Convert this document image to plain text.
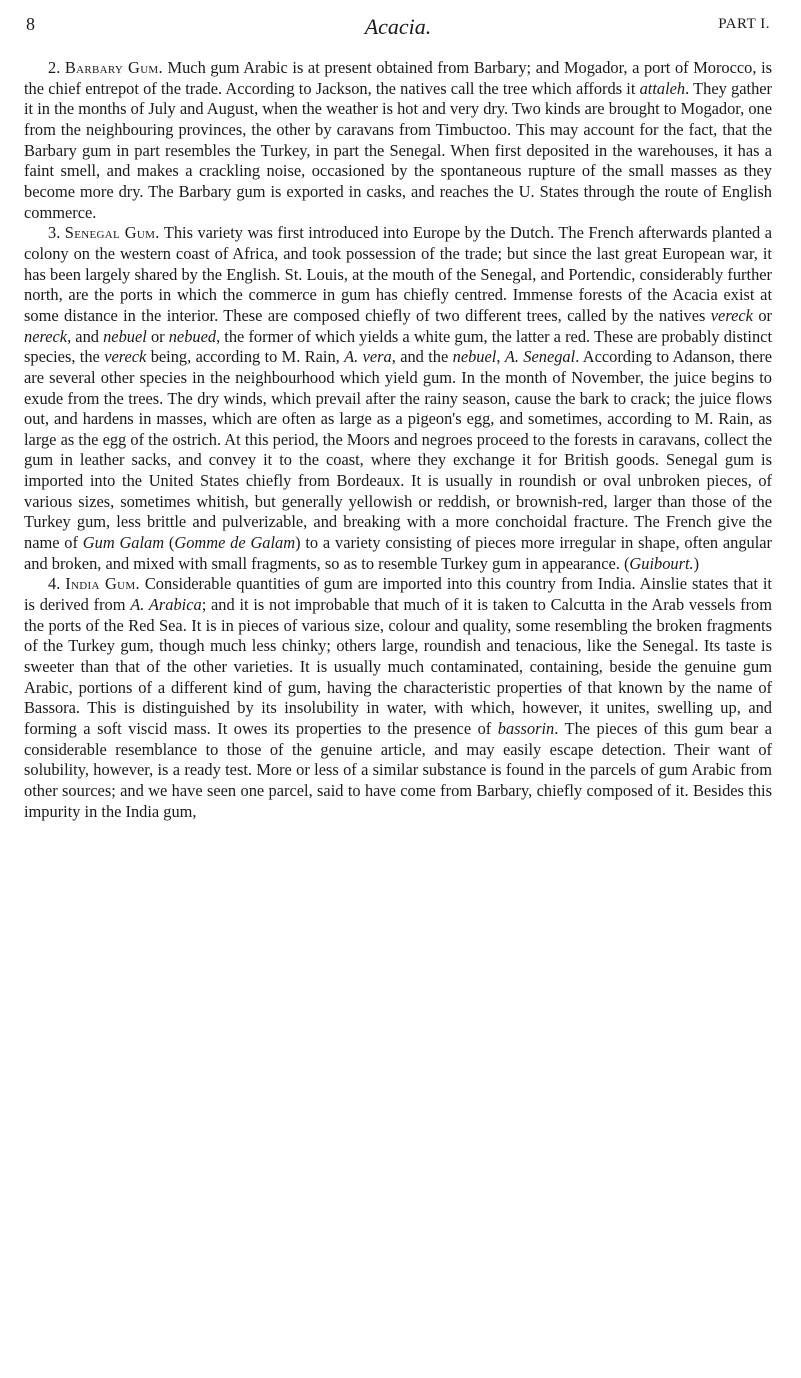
8	Acacia.	PART I.

2. Barbary Gum. Much gum Arabic is at present obtained from Barbary; and Mogador, a port of Morocco, is the chief entrepot of the trade. According to Jackson, the natives call the tree which affords it attaleh. They gather it in the months of July and August, when the weather is hot and very dry. Two kinds are brought to Mogador, one from the neighbouring provinces, the other by caravans from Timbuctoo. This may account for the fact, that the Barbary gum in part resembles the Turkey, in part the Senegal. When first deposited in the warehouses, it has a faint smell, and makes a crackling noise, occasioned by the spontaneous rupture of the small masses as they become more dry. The Barbary gum is exported in casks, and reaches the U. States through the route of English commerce.

3. Senegal Gum. This variety was first introduced into Europe by the Dutch. The French afterwards planted a colony on the western coast of Africa, and took possession of the trade; but since the last great European war, it has been largely shared by the English. St. Louis, at the mouth of the Senegal, and Portendic, considerably further north, are the ports in which the commerce in gum has chiefly centred. Immense forests of the Acacia exist at some distance in the interior. These are composed chiefly of two different trees, called by the natives vereck or nereck, and nebuel or nebued, the former of which yields a white gum, the latter a red. These are probably distinct species, the vereck being, according to M. Rain, A. vera, and the nebuel, A. Senegal. According to Adanson, there are several other species in the neighbourhood which yield gum. In the month of November, the juice begins to exude from the trees. The dry winds, which prevail after the rainy season, cause the bark to crack; the juice flows out, and hardens in masses, which are often as large as a pigeon's egg, and sometimes, according to M. Rain, as large as the egg of the ostrich. At this period, the Moors and negroes proceed to the forests in caravans, collect the gum in leather sacks, and convey it to the coast, where they exchange it for British goods. Senegal gum is imported into the United States chiefly from Bordeaux. It is usually in roundish or oval unbroken pieces, of various sizes, sometimes whitish, but generally yellowish or reddish, or brownish-red, larger than those of the Turkey gum, less brittle and pulverizable, and breaking with a more conchoidal fracture. The French give the name of Gum Galam (Gomme de Galam) to a variety consisting of pieces more irregular in shape, often angular and broken, and mixed with small fragments, so as to resemble Turkey gum in appearance. (Guibourt.)

4. India Gum. Considerable quantities of gum are imported into this country from India. Ainslie states that it is derived from A. Arabica; and it is not improbable that much of it is taken to Calcutta in the Arab vessels from the ports of the Red Sea. It is in pieces of various size, colour and quality, some resembling the broken fragments of the Turkey gum, though much less chinky; others large, roundish and tenacious, like the Senegal. Its taste is sweeter than that of the other varieties. It is usually much contaminated, containing, beside the genuine gum Arabic, portions of a different kind of gum, having the characteristic properties of that known by the name of Bassora. This is distinguished by its insolubility in water, with which, however, it unites, swelling up, and forming a soft viscid mass. It owes its properties to the presence of bassorin. The pieces of this gum bear a considerable resemblance to those of the genuine article, and may easily escape detection. Their want of solubility, however, is a ready test. More or less of a similar substance is found in the parcels of gum Arabic from other sources; and we have seen one parcel, said to have come from Barbary, chiefly composed of it. Besides this impurity in the India gum,
